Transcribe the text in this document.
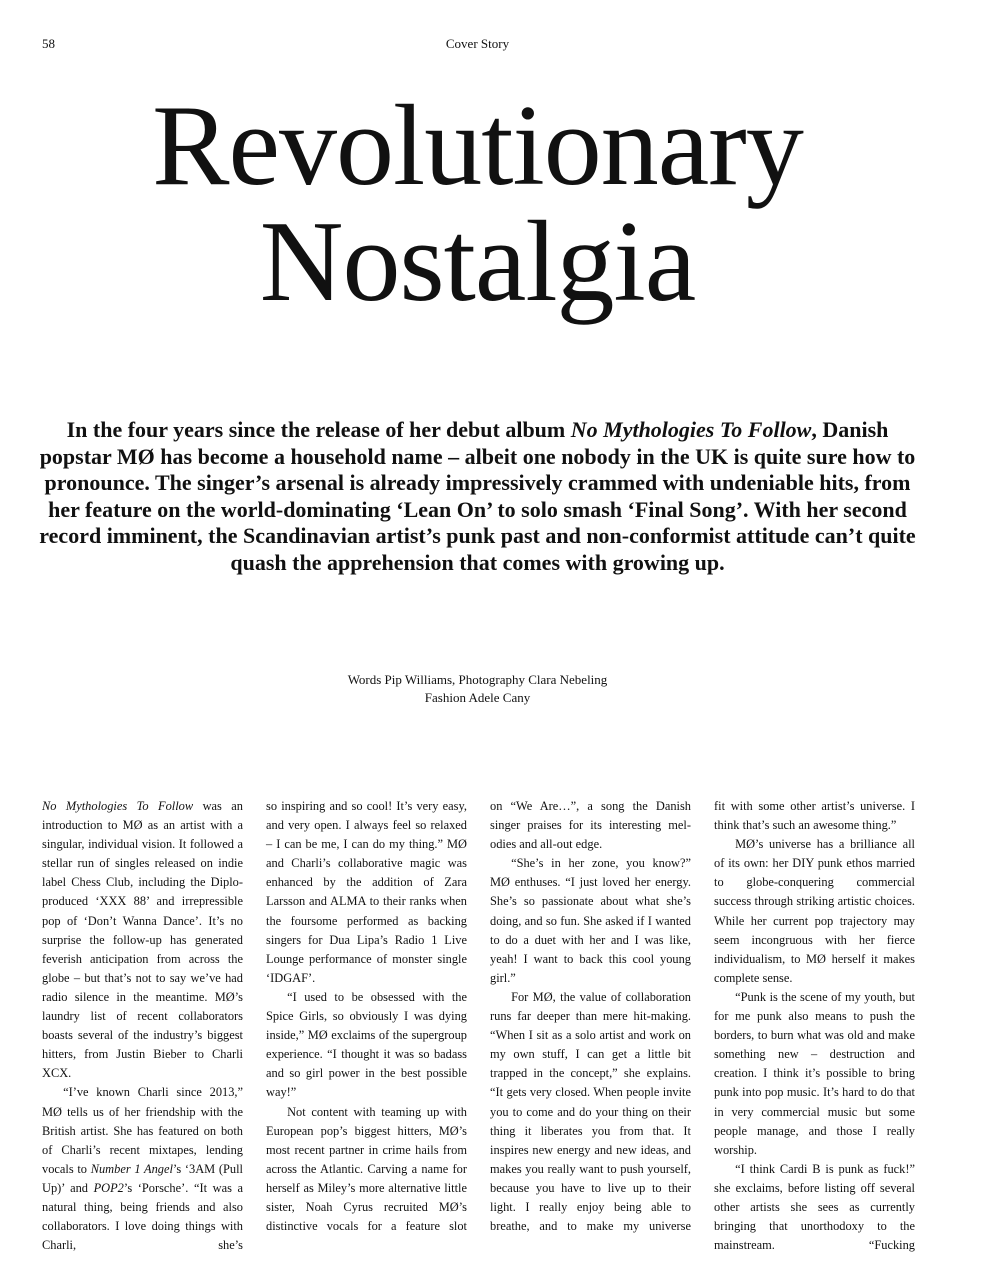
58	Cover Story
Revolutionary
Nostalgia

In the four years since the release of her debut album No Mythologies To Follow, Danish popstar MØ has become a household name – albeit one nobody in the UK is quite sure how to pronounce. The singer’s arsenal is already impressively crammed with undeniable hits, from her feature on the world-dominating ‘Lean On’ to solo smash ‘Final Song’. With her second record imminent, the Scandinavian artist’s punk past and non-conformist attitude can’t quite quash the apprehension that comes with growing up.

Words Pip Williams, Photography Clara Nebeling
Fashion Adele Cany

No Mythologies To Follow was an introduction to MØ as an artist with a singular, individual vision. It followed a stellar run of singles released on indie label Chess Club, including the Diplo-produced ‘XXX 88’ and irrepressible pop of ‘Don’t Wanna Dance’. It’s no surprise the follow-up has generated feverish anticipation from across the globe – but that’s not to say we’ve had radio silence in the meantime. MØ’s laundry list of recent collaborators boasts several of the industry’s biggest hitters, from Justin Bieber to Charli XCX.

“I’ve known Charli since 2013,” MØ tells us of her friendship with the British artist. She has featured on both of Charli’s recent mixtapes, lending vocals to Number 1 Angel’s ‘3AM (Pull Up)’ and POP2’s ‘Porsche’. “It was a natural thing, being friends and also collaborators. I love doing things with Charli, she’s

so inspiring and so cool! It’s very easy, and very open. I always feel so relaxed – I can be me, I can do my thing.” MØ and Charli’s collaborative magic was enhanced by the addition of Zara Larsson and ALMA to their ranks when the foursome performed as backing singers for Dua Lipa’s Radio 1 Live Lounge performance of monster single ‘IDGAF’.

“I used to be obsessed with the Spice Girls, so obviously I was dying inside,” MØ exclaims of the supergroup experience. “I thought it was so badass and so girl power in the best possible way!”

Not content with teaming up with European pop’s biggest hitters, MØ’s most recent partner in crime hails from across the Atlantic. Carving a name for herself as Miley’s more alternative little sister, Noah Cyrus recruited MØ’s distinctive vocals for a feature slot

on “We Are…”, a song the Danish singer praises for its interesting melodies and all-out edge.

“She’s in her zone, you know?” MØ enthuses. “I just loved her energy. She’s so passionate about what she’s doing, and so fun. She asked if I wanted to do a duet with her and I was like, yeah! I want to back this cool young girl.”

For MØ, the value of collaboration runs far deeper than mere hit-making. “When I sit as a solo artist and work on my own stuff, I can get a little bit trapped in the concept,” she explains. “It gets very closed. When people invite you to come and do your thing on their thing it liberates you from that. It inspires new energy and new ideas, and makes you really want to push yourself, because you have to live up to their light. I really enjoy being able to breathe, and to make my universe

fit with some other artist’s universe. I think that’s such an awesome thing.”

MØ’s universe has a brilliance all of its own: her DIY punk ethos married to globe-conquering commercial success through striking artistic choices. While her current pop trajectory may seem incongruous with her fierce individualism, to MØ herself it makes complete sense.

“Punk is the scene of my youth, but for me punk also means to push the borders, to burn what was old and make something new – destruction and creation. I think it’s possible to bring punk into pop music. It’s hard to do that in very commercial music but some people manage, and those I really worship.

“I think Cardi B is punk as fuck!” she exclaims, before listing off several other artists she sees as currently bringing that unorthodoxy to the mainstream. “Fucking
